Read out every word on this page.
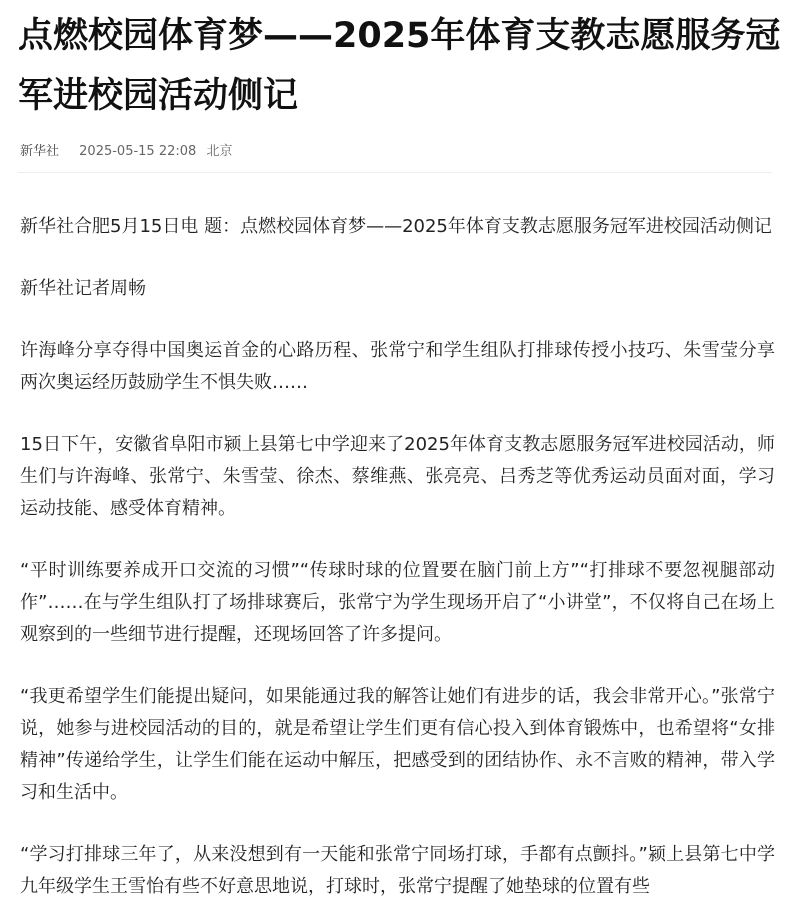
点燃校园体育梦——2025年体育支教志愿服务冠军进校园活动侧记
新华社 2025-05-15 22:08 北京

新华社合肥5月15日电 题：点燃校园体育梦——2025年体育支教志愿服务冠军进校园活动侧记

新华社记者周畅

许海峰分享夺得中国奥运首金的心路历程、张常宁和学生组队打排球传授小技巧、朱雪莹分享两次奥运经历鼓励学生不惧失败……

15日下午，安徽省阜阳市颍上县第七中学迎来了2025年体育支教志愿服务冠军进校园活动，师生们与许海峰、张常宁、朱雪莹、徐杰、蔡维燕、张亮亮、吕秀芝等优秀运动员面对面，学习运动技能、感受体育精神。

“平时训练要养成开口交流的习惯”“传球时球的位置要在脑门前上方”“打排球不要忽视腿部动作”……在与学生组队打了场排球赛后，张常宁为学生现场开启了“小讲堂”，不仅将自己在场上观察到的一些细节进行提醒，还现场回答了许多提问。

“我更希望学生们能提出疑问，如果能通过我的解答让她们有进步的话，我会非常开心。”张常宁说，她参与进校园活动的目的，就是希望让学生们更有信心投入到体育锻炼中，也希望将“女排精神”传递给学生，让学生们能在运动中解压，把感受到的团结协作、永不言败的精神，带入学习和生活中。

“学习打排球三年了，从来没想到有一天能和张常宁同场打球，手都有点颤抖。”颍上县第七中学九年级学生王雪怡有些不好意思地说，打球时，张常宁提醒了她垫球的位置有些
